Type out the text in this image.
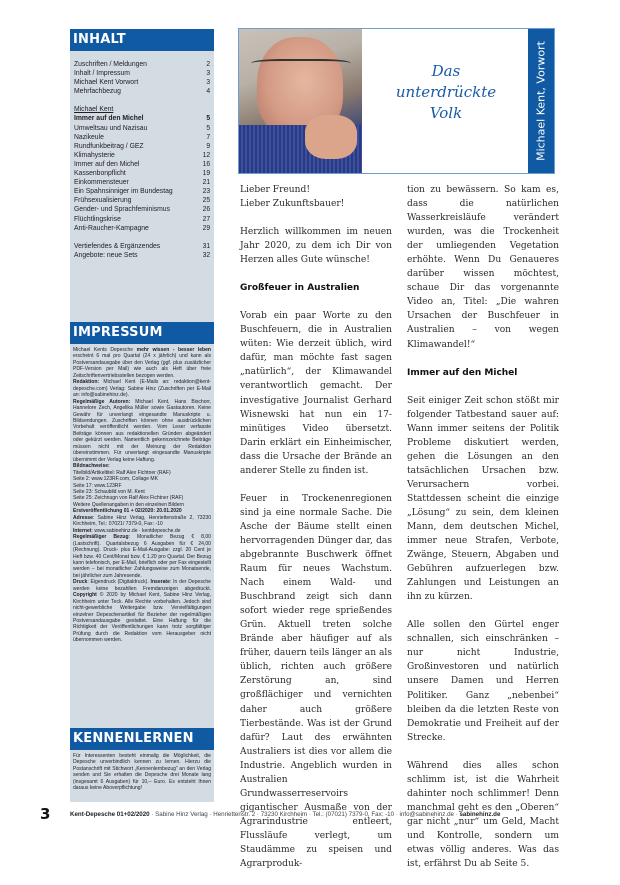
INHALT
Zuschriften / Meldungen	2
Inhalt / Impressum	3
Michael Kent Vorwort	3
Mehrfachbezug	4
Michael Kent
Immer auf den Michel	5
Umweltsau und Nazisau	5
Nazikeule	7
Rundfunkbeitrag / GEZ	9
Klimahysterie	12
Immer auf den Michel	16
Kassenbonpflicht	19
Einkommensteuer	21
Ein Spahnsinniger im Bundestag	23
Frühsexualisierung	25
Gender- und Sprachfeminismus	26
Flüchtlingskrise	27
Anti-Raucher-Kampagne	29
Vertiefendes & Ergänzendes	31
Angebote: neue Sets	32
IMPRESSUM

Michael Kents Depesche mehr wissen - besser leben erscheint 6 mal pro Quartal (24 x jährlich) und kann als Postversandausgabe über den Verlag (ggf. plus zusätzlicher PDF-Version per Mail) wie auch als Heft über freie Zeitschriftenvertriebsstellen bezogen werden.

Redaktion: Michael Kent (E-Mails an: redaktion@kent-depesche.com) Verlag: Sabine Hinz (Zuschriften per E-Mail an: info@sabinehinz.de).

Regelmäßige Autoren: Michael Kent, Hans Bischorr, Hannelore Zech, Angelika Müller sowie Gastautoren. Keine Gewähr für unverlangt eingesandte Manuskripte u. Bildsendungen. Zuschriften können ohne ausdrücklichen Vorbehalt veröffentlicht werden. Vom Leser verfasste Beiträge können aus redaktionellen Gründen abgeändert oder gekürzt werden. Namentlich gekennzeichnete Beiträge müssen nicht mit der Meinung der Redaktion übereinstimmen. Für unverlangt eingesandte Manuskripte übernimmt der Verlag keine Haftung.

Bildnachweise:

Titelbild/Artikeltitel: Ralf Alex Fichtner (RAF)

Seite 2: www.123RF.com, Collage MK

Seite 17: www.123RF

Seite 23: Schaubild von M. Kent

Seite 25: Zeichnugn von Ralf Alex Fichtner (RAF)

Weitere Quellenangaben in den einzelnen Bildern

Erstveröffentlichung 01 + 02/2020: 20.01.2020

Adresse: Sabine Hinz Verlag, Henriettenstraße 2, 73230 Kirchheim, Tel.: 07021/ 7379-0, Fax: -10

Internet: www.sabinehinz.de · kentdepesche.de

Regelmäßiger Bezug: Monatlicher Bezug € 8,00 (Lastschrift). Quartalsbezug 6 Ausgaben für € 24,00 (Rechnung). Druck- plus E-Mail-Ausgabe: zzgl. 20 Cent je Heft bzw. 40 Cent/Monat bzw. € 1.20 pro Quartal. Der Bezug kann telefonisch, per E-Mail, brieflich oder per Fax eingestellt werden – bei monatlicher Zahlungsweise zum Monatsende, bei jährlicher zum Jahresende.

Druck: Eigendruck (Digitaldruck). Inserate: In der Depesche werden keine bezahlten Fremdanzeigen abgedruckt. Copyright © 2020 by Michael Kent, Sabine Hinz Verlag, Kirchheim unter Teck. Alle Rechte vorbehalten. Jedoch sind nicht-gewerbliche Weitergabe bzw. Vervielfältigungen einzelner Depeschenartikel für Bezieher der regelmäßigen Postversandausgabe gestattet. Eine Haftung für die Richtigkeit der Veröffentlichungen kann trotz sorgfältiger Prüfung durch die Redaktion vom Herausgeber nicht übernommen werden.

KENNENLERNEN

Für Interessenten besteht einmalig die Möglichkeit, die Depesche unverbindlich kennen zu lernen. Hierzu die Postanschrift mit Stichwort „Kennenlernbezug“ an den Verlag senden und Sie erhalten die Depesche drei Monate lang (insgesamt 6 Ausgaben) für 10,– Euro. Es entsteht Ihnen daraus keine Aboverpflichtung!

Das
unterdrückte
Volk	Michael Kent, Vorwort

Lieber Freund!

Lieber Zukunftsbauer!

Herzlich willkommen im neuen Jahr 2020, zu dem ich Dir von Herzen alles Gute wünsche!

Großfeuer in Australien

Vorab ein paar Worte zu den Buschfeuern, die in Australien wüten: Wie derzeit üblich, wird dafür, man möchte fast sagen „natürlich“, der Klimawandel verantwortlich gemacht. Der investigative Journalist Gerhard Wisnewski hat nun ein 17-minütiges Video übersetzt. Darin erklärt ein Einheimischer, dass die Ursache der Brände an anderer Stelle zu finden ist.

Feuer in Trockenenregionen sind ja eine normale Sache. Die Asche der Bäume stellt einen hervorragenden Dünger dar, das abgebrannte Buschwerk öffnet Raum für neues Wachstum. Nach einem Wald- und Buschbrand zeigt sich dann sofort wieder rege sprießendes Grün. Aktuell treten solche Brände aber häufiger auf als früher, dauern teils länger an als üblich, richten auch größere Zerstörung an, sind großflächiger und vernichten daher auch größere Tierbestände. Was ist der Grund dafür? Laut des erwähnten Australiers ist dies vor allem die Industrie. Angeblich wurden in Australien Grundwasserreservoirs gigantischer Ausmaße von der Agrarindustrie entleert, Flussläufe verlegt, um Staudämme zu speisen und Agrarproduk-

tion zu bewässern. So kam es, dass die natürlichen Wasserkreisläufe verändert wurden, was die Trockenheit der umliegenden Vegetation erhöhte. Wenn Du Genaueres darüber wissen möchtest, schaue Dir das vorgenannte Video an, Titel: „Die wahren Ursachen der Buschfeuer in Australien – von wegen Klimawandel!“

Immer auf den Michel

Seit einiger Zeit schon stößt mir folgender Tatbestand sauer auf: Wann immer seitens der Politik Probleme diskutiert werden, gehen die Lösungen an den tatsächlichen Ursachen bzw. Verursachern vorbei. Stattdessen scheint die einzige „Lösung“ zu sein, dem kleinen Mann, dem deutschen Michel, immer neue Strafen, Verbote, Zwänge, Steuern, Abgaben und Gebühren aufzuerlegen bzw. Zahlungen und Leistungen an ihn zu kürzen.

Alle sollen den Gürtel enger schnallen, sich einschränken – nur nicht Industrie, Großinvestoren und natürlich unsere Damen und Herren Politiker. Ganz „nebenbei“ bleiben da die letzten Reste von Demokratie und Freiheit auf der Strecke.

Während dies alles schon schlimm ist, ist die Wahrheit dahinter noch schlimmer! Denn manchmal geht es den „Oberen“ gar nicht „nur“ um Geld, Macht und Kontrolle, sondern um etwas völlig anderes. Was das ist, erfährst Du ab Seite 5.

3	Kent-Depesche 01+02/2020 · Sabine Hinz Verlag · Henriettenstr. 2 · 73230 Kirchheim · Tel.: (07021) 7379-0, Fax: -10 · info@sabinehinz.de · sabinehinz.de
